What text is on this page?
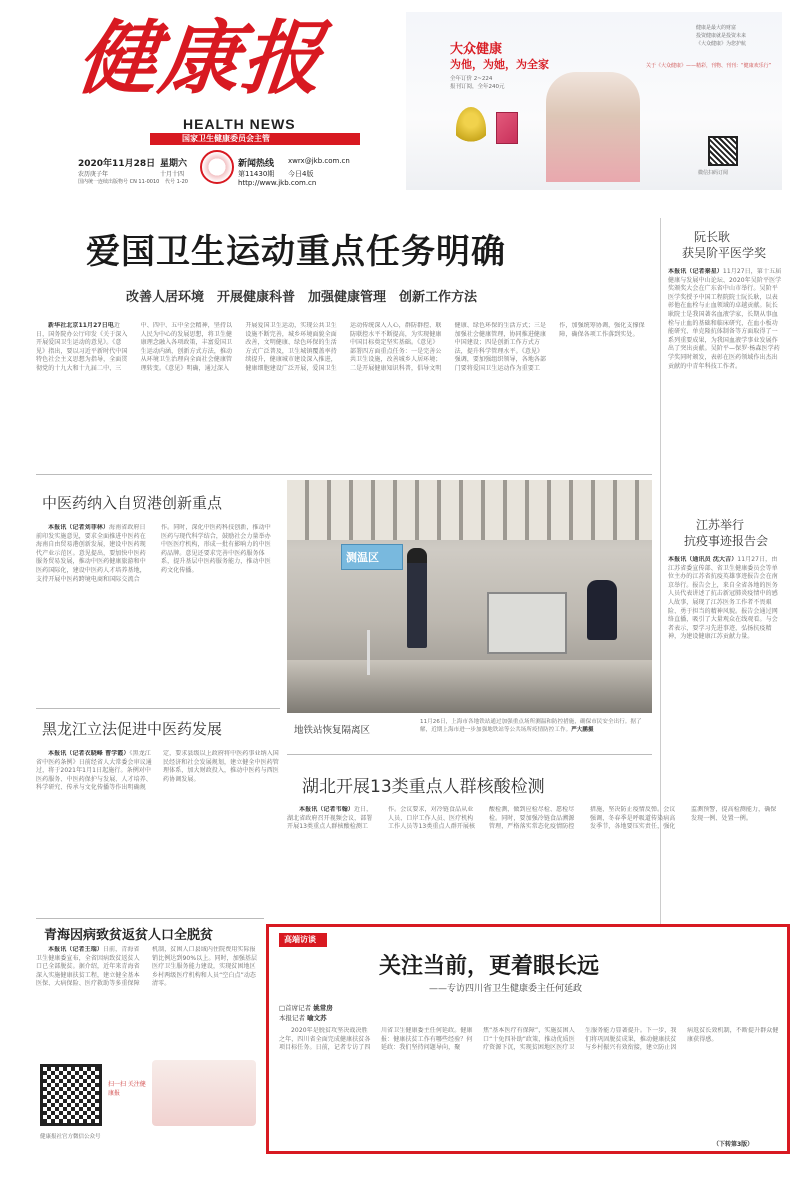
健康报
HEALTH NEWS
国家卫生健康委员会主管
2020年11月28日 星期六
农历庚子年	十月十四
国内统一连续出版物号 CN 11-0010 代号 1-20
新闻热线 xwrx@jkb.com.cn
第11430期 今日4版
http://www.jkb.com.cn
大众健康
为他，为她，为全家
全年订价 2~224
报刊订阅，全年240元
微信扫码订阅
健康是最大的财富
投资健康就是投资未来
《大众健康》为您护航
关于《大众健康》——精彩，刊物、刊刊：“健康欢乐行”
爱国卫生运动重点任务明确
改善人居环境　开展健康科普　加强健康管理　创新工作方法
新华社北京11月27日电近日，国务院办公厅印发《关于深入开展爱国卫生运动的意见》。《意见》指出，要以习近平新时代中国特色社会主义思想为指导，全面贯彻党的十九大和十九届二中、三中、四中、五中全会精神，坚持以人民为中心的发展思想，将卫生健康理念融入各项政策，丰富爱国卫生运动内涵，创新方式方法，推动从环境卫生治理向全面社会健康管理转变。《意见》明确，通过深入开展爱国卫生运动，实现公共卫生设施不断完善，城乡环境面貌全面改善，文明健康、绿色环保的生活方式广泛普及，卫生城镇覆盖率持续提升，健康城市建设深入推进，健康细胞建设广泛开展，爱国卫生运动传统深入人心，群防群控、联防联控水平不断提高，为实现健康中国目标奠定坚实基础。《意见》部署四方面重点任务：一是完善公共卫生设施，改善城乡人居环境；二是开展健康知识科普，倡导文明健康、绿色环保的生活方式；三是加强社会健康管理，协同推进健康中国建设；四是创新工作方式方法，提升科学管理水平。《意见》强调，要加强组织领导，各地各部门要将爱国卫生运动作为重要工作，加强统筹协调，强化支撑保障，确保各项工作落到实处。
阮长耿
获吴阶平医学奖
本报讯（记者秦星）11月27日，第十五届健康与发展中山论坛、2020年吴阶平医学奖颁奖大会在广东省中山市举行。吴阶平医学奖授予中国工程院院士阮长耿，以表彰他在血栓与止血领域的卓越贡献。阮长耿院士是我国著名血液学家，长期从事血栓与止血的基础和临床研究，在血小板功能研究、单克隆抗体制备等方面取得了一系列重要成果，为我国血液学事业发展作出了突出贡献。吴阶平—保罗·杨森医学药学奖同时颁发，表彰在医药领域作出杰出贡献的中青年科技工作者。
中医药纳入自贸港创新重点
本报讯（记者刘菲林）海南省政府日前印发实施意见，要求全面推进中医药在海南自由贸易港创新发展，建设中医药现代产业示范区。意见提出，要加快中医药服务贸易发展，推动中医药健康旅游和中医药国际化，建设中医药人才培养基地，支持开展中医药跨境电商和国际交流合作。同时，深化中医药科技创新，推动中医药与现代科学结合，鼓励社会力量举办中医医疗机构，形成一批有影响力的中医药品牌。意见还要求完善中医药服务体系，提升基层中医药服务能力，推动中医药文化传播。
测温区
地铁站恢复隔离区
11月26日，上海市各地铁站通过加强重点场所测温和防控措施，确保市民安全出行。据了解，近期上海市进一步加强地铁站等公共场所疫情防控工作。严大鹏摄
江苏举行
抗疫事迹报告会
本报讯（通讯员 沈大吉）11月27日，由江苏省委宣传部、省卫生健康委员会等单位主办的江苏省抗疫英雄事迹报告会在南京举行。报告会上，来自全省各地的医务人员代表讲述了抗击新冠肺炎疫情中的感人故事，展现了江苏医务工作者不畏艰险、勇于担当的精神风貌。报告会通过网络直播，吸引了大量观众在线观看。与会者表示，要学习先进事迹，弘扬抗疫精神，为建设健康江苏贡献力量。
黑龙江立法促进中医药发展
本报讯（记者衣晓峰 曹学霞）《黑龙江省中医药条例》日前经省人大常委会审议通过，将于2021年1月1日起施行。条例对中医药服务、中医药保护与发展、人才培养、科学研究、传承与文化传播等作出明确规定，要求县级以上政府将中医药事业纳入国民经济和社会发展规划，建立健全中医药管理体系，加大财政投入，推动中医药与西医药协调发展。	湖北开展13类重点人群核酸检测
本报讯（记者韦翰）近日，湖北省政府召开视频会议，部署开展13类重点人群核酸检测工作。会议要求，对冷链食品从业人员、口岸工作人员、医疗机构工作人员等13类重点人群开展核酸检测，做到应检尽检、愿检尽检。同时，要加强冷链食品溯源管理，严格落实常态化疫情防控措施，坚决防止疫情反弹。会议强调，冬春季是呼吸道传染病高发季节，各地要压实责任，强化监测预警，提高检测能力，确保发现一例、处置一例。
青海因病致贫返贫人口全脱贫
本报讯（记者王瑞）日前，青海省卫生健康委宣布，全省因病致贫返贫人口已全部脱贫。据介绍，近年来青海省深入实施健康扶贫工程，建立健全基本医保、大病保险、医疗救助等多重保障机制，贫困人口县域内住院费用实际报销比例达到90%以上。同时，加强基层医疗卫生服务能力建设，实现贫困地区乡村两级医疗机构和人员“空白点”动态清零。
扫一扫 关注健康报
健康报社官方微信公众号
高端访谈
关注当前，更着眼长远
——专访四川省卫生健康委主任何延政
□首席记者 姚常房
本报记者 喻文苏
2020年是脱贫攻坚决战决胜之年，四川省全面完成健康扶贫各项目标任务。日前，记者专访了四川省卫生健康委主任何延政。健康报：健康扶贫工作有哪些经验？何延政：我们坚持问题导向，聚焦“基本医疗有保障”，实施贫困人口“十免四补助”政策，推动优质医疗资源下沉，实现贫困地区医疗卫生服务能力显著提升。下一步，我们将巩固脱贫成果，推动健康扶贫与乡村振兴有效衔接，建立防止因病返贫长效机制，不断提升群众健康获得感。
（下转第3版）
